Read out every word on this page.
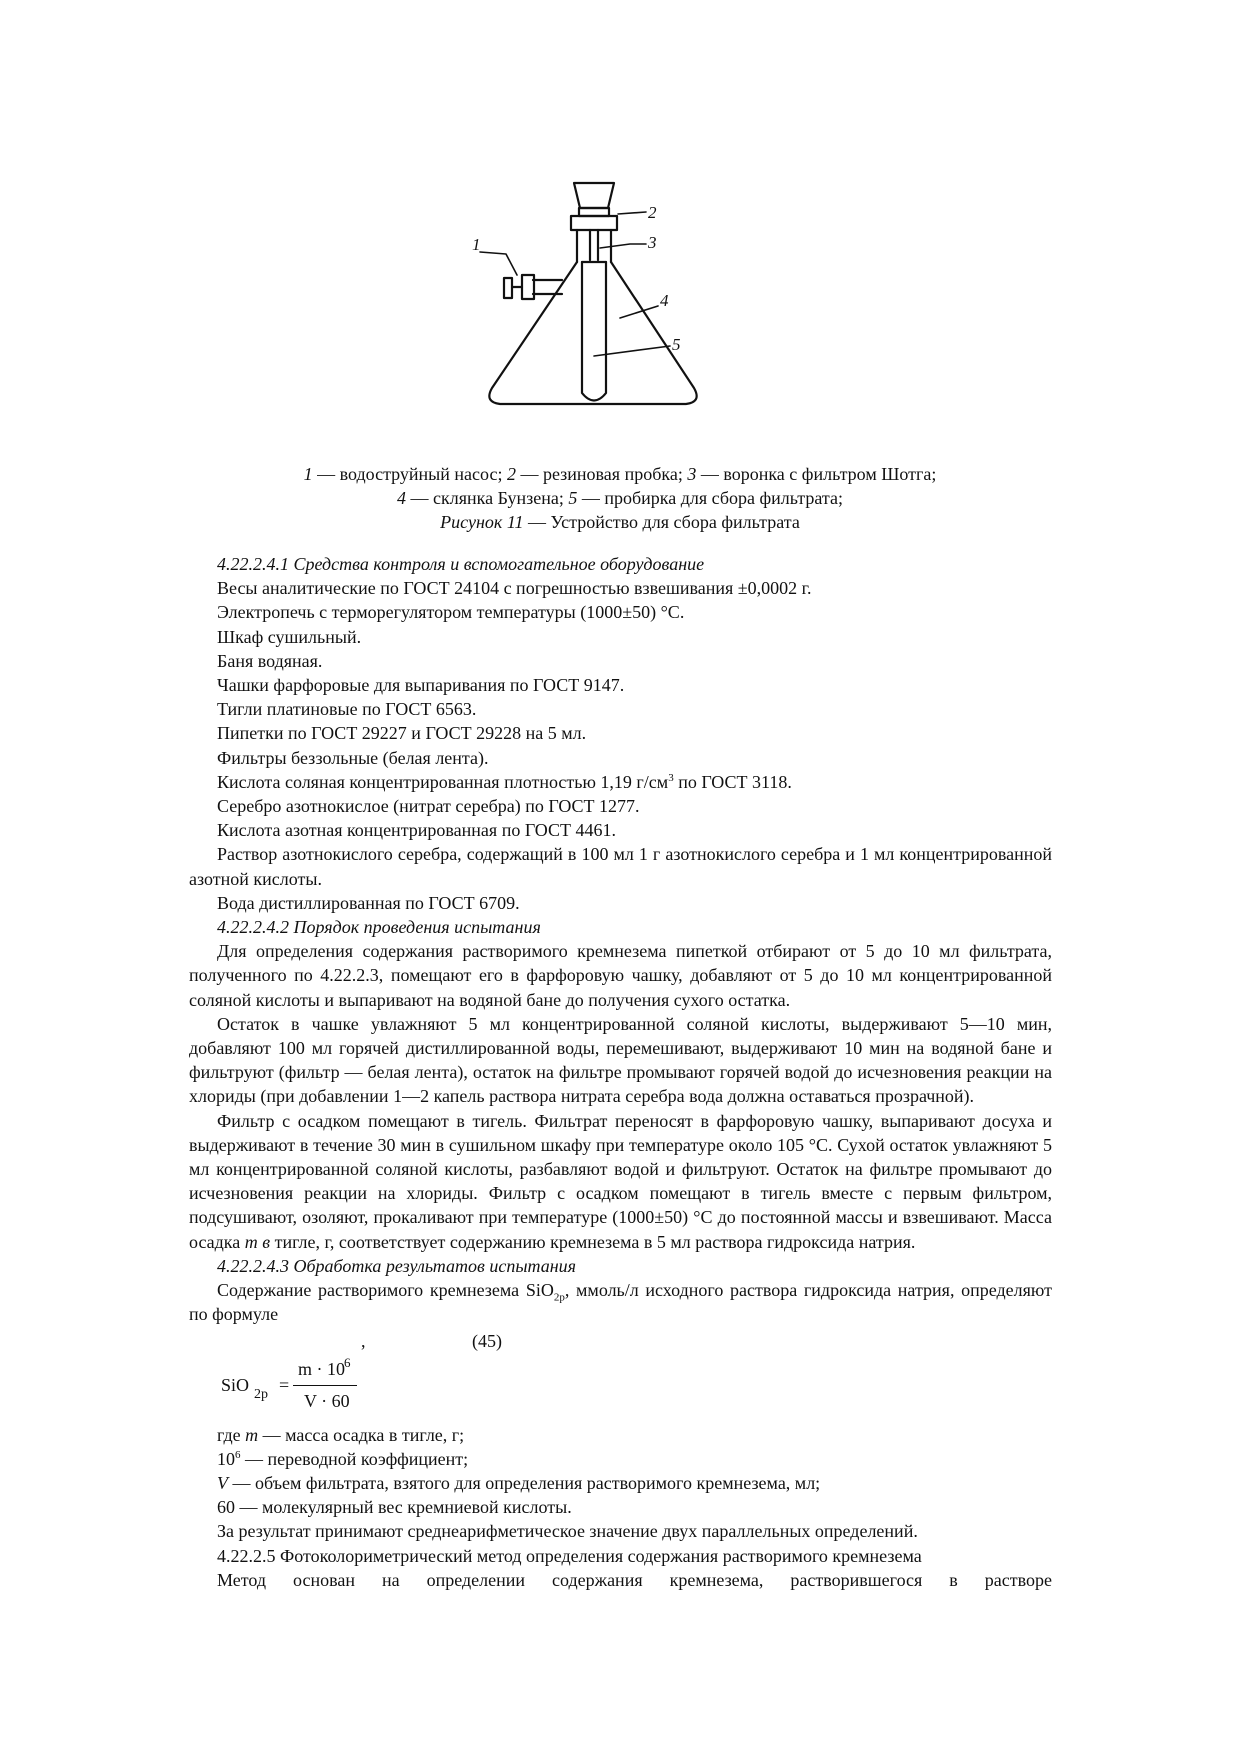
1
2
3
4
5
1 — водоструйный насос; 2 — резиновая пробка; 3 — воронка с фильтром Шотга;
4 — склянка Бунзена; 5 — пробирка для сбора фильтрата;
Рисунок 11 — Устройство для сбора фильтрата

4.22.2.4.1 Средства контроля и вспомогательное оборудование

Весы аналитические по ГОСТ 24104 с погрешностью взвешивания ±0,0002 г.

Электропечь с терморегулятором температуры (1000±50) °С.

Шкаф сушильный.

Баня водяная.

Чашки фарфоровые для выпаривания по ГОСТ 9147.

Тигли платиновые по ГОСТ 6563.

Пипетки по ГОСТ 29227 и ГОСТ 29228 на 5 мл.

Фильтры беззольные (белая лента).

Кислота соляная концентрированная плотностью 1,19 $г/см^3$ по ГОСТ 3118.

Серебро азотнокислое (нитрат серебра) по ГОСТ 1277.

Кислота азотная концентрированная по ГОСТ 4461.

Раствор азотнокислого серебра, содержащий в 100 мл 1 г азотнокислого серебра и 1 мл концентрированной азотной кислоты.

Вода дистиллированная по ГОСТ 6709.

4.22.2.4.2 Порядок проведения испытания

Для определения содержания растворимого кремнезема пипеткой отбирают от 5 до 10 мл фильтрата, полученного по 4.22.2.3, помещают его в фарфоровую чашку, добавляют от 5 до 10 мл концентрированной соляной кислоты и выпаривают на водяной бане до получения сухого остатка.

Остаток в чашке увлажняют 5 мл концентрированной соляной кислоты, выдерживают 5—10 мин, добавляют 100 мл горячей дистиллированной воды, перемешивают, выдерживают 10 мин на водяной бане и фильтруют (фильтр — белая лента), остаток на фильтре промывают горячей водой до исчезновения реакции на хлориды (при добавлении 1—2 капель раствора нитрата серебра вода должна оставаться прозрачной).

Фильтр с осадком помещают в тигель. Фильтрат переносят в фарфоровую чашку, выпаривают досуха и выдерживают в течение 30 мин в сушильном шкафу при температуре около 105 °С. Сухой остаток увлажняют 5 мл концентрированной соляной кислоты, разбавляют водой и фильтруют. Остаток на фильтре промывают до исчезновения реакции на хлориды. Фильтр с осадком помещают в тигель вместе с первым фильтром, подсушивают, озоляют, прокаливают при температуре (1000±50) °С до постоянной массы и взвешивают. Масса осадка m в тигле, г, соответствует содержанию кремнезема в 5 мл раствора гидроксида натрия.

4.22.2.4.3 Обработка результатов испытания

Содержание растворимого кремнезема SiO$_{2р}$, ммоль/л исходного раствора гидроксида натрия, определяют по формуле

,	(45)
SiO 2р =
m · 10 6
V · 60

где m — масса осадка в тигле, г;

$10^6$ — переводной коэффициент;

V — объем фильтрата, взятого для определения растворимого кремнезема, мл;

60 — молекулярный вес кремниевой кислоты.

За результат принимают среднеарифметическое значение двух параллельных определений.

4.22.2.5 Фотоколориметрический метод определения содержания растворимого кремнезема

Метод основан на определении содержания кремнезема, растворившегося в растворе
